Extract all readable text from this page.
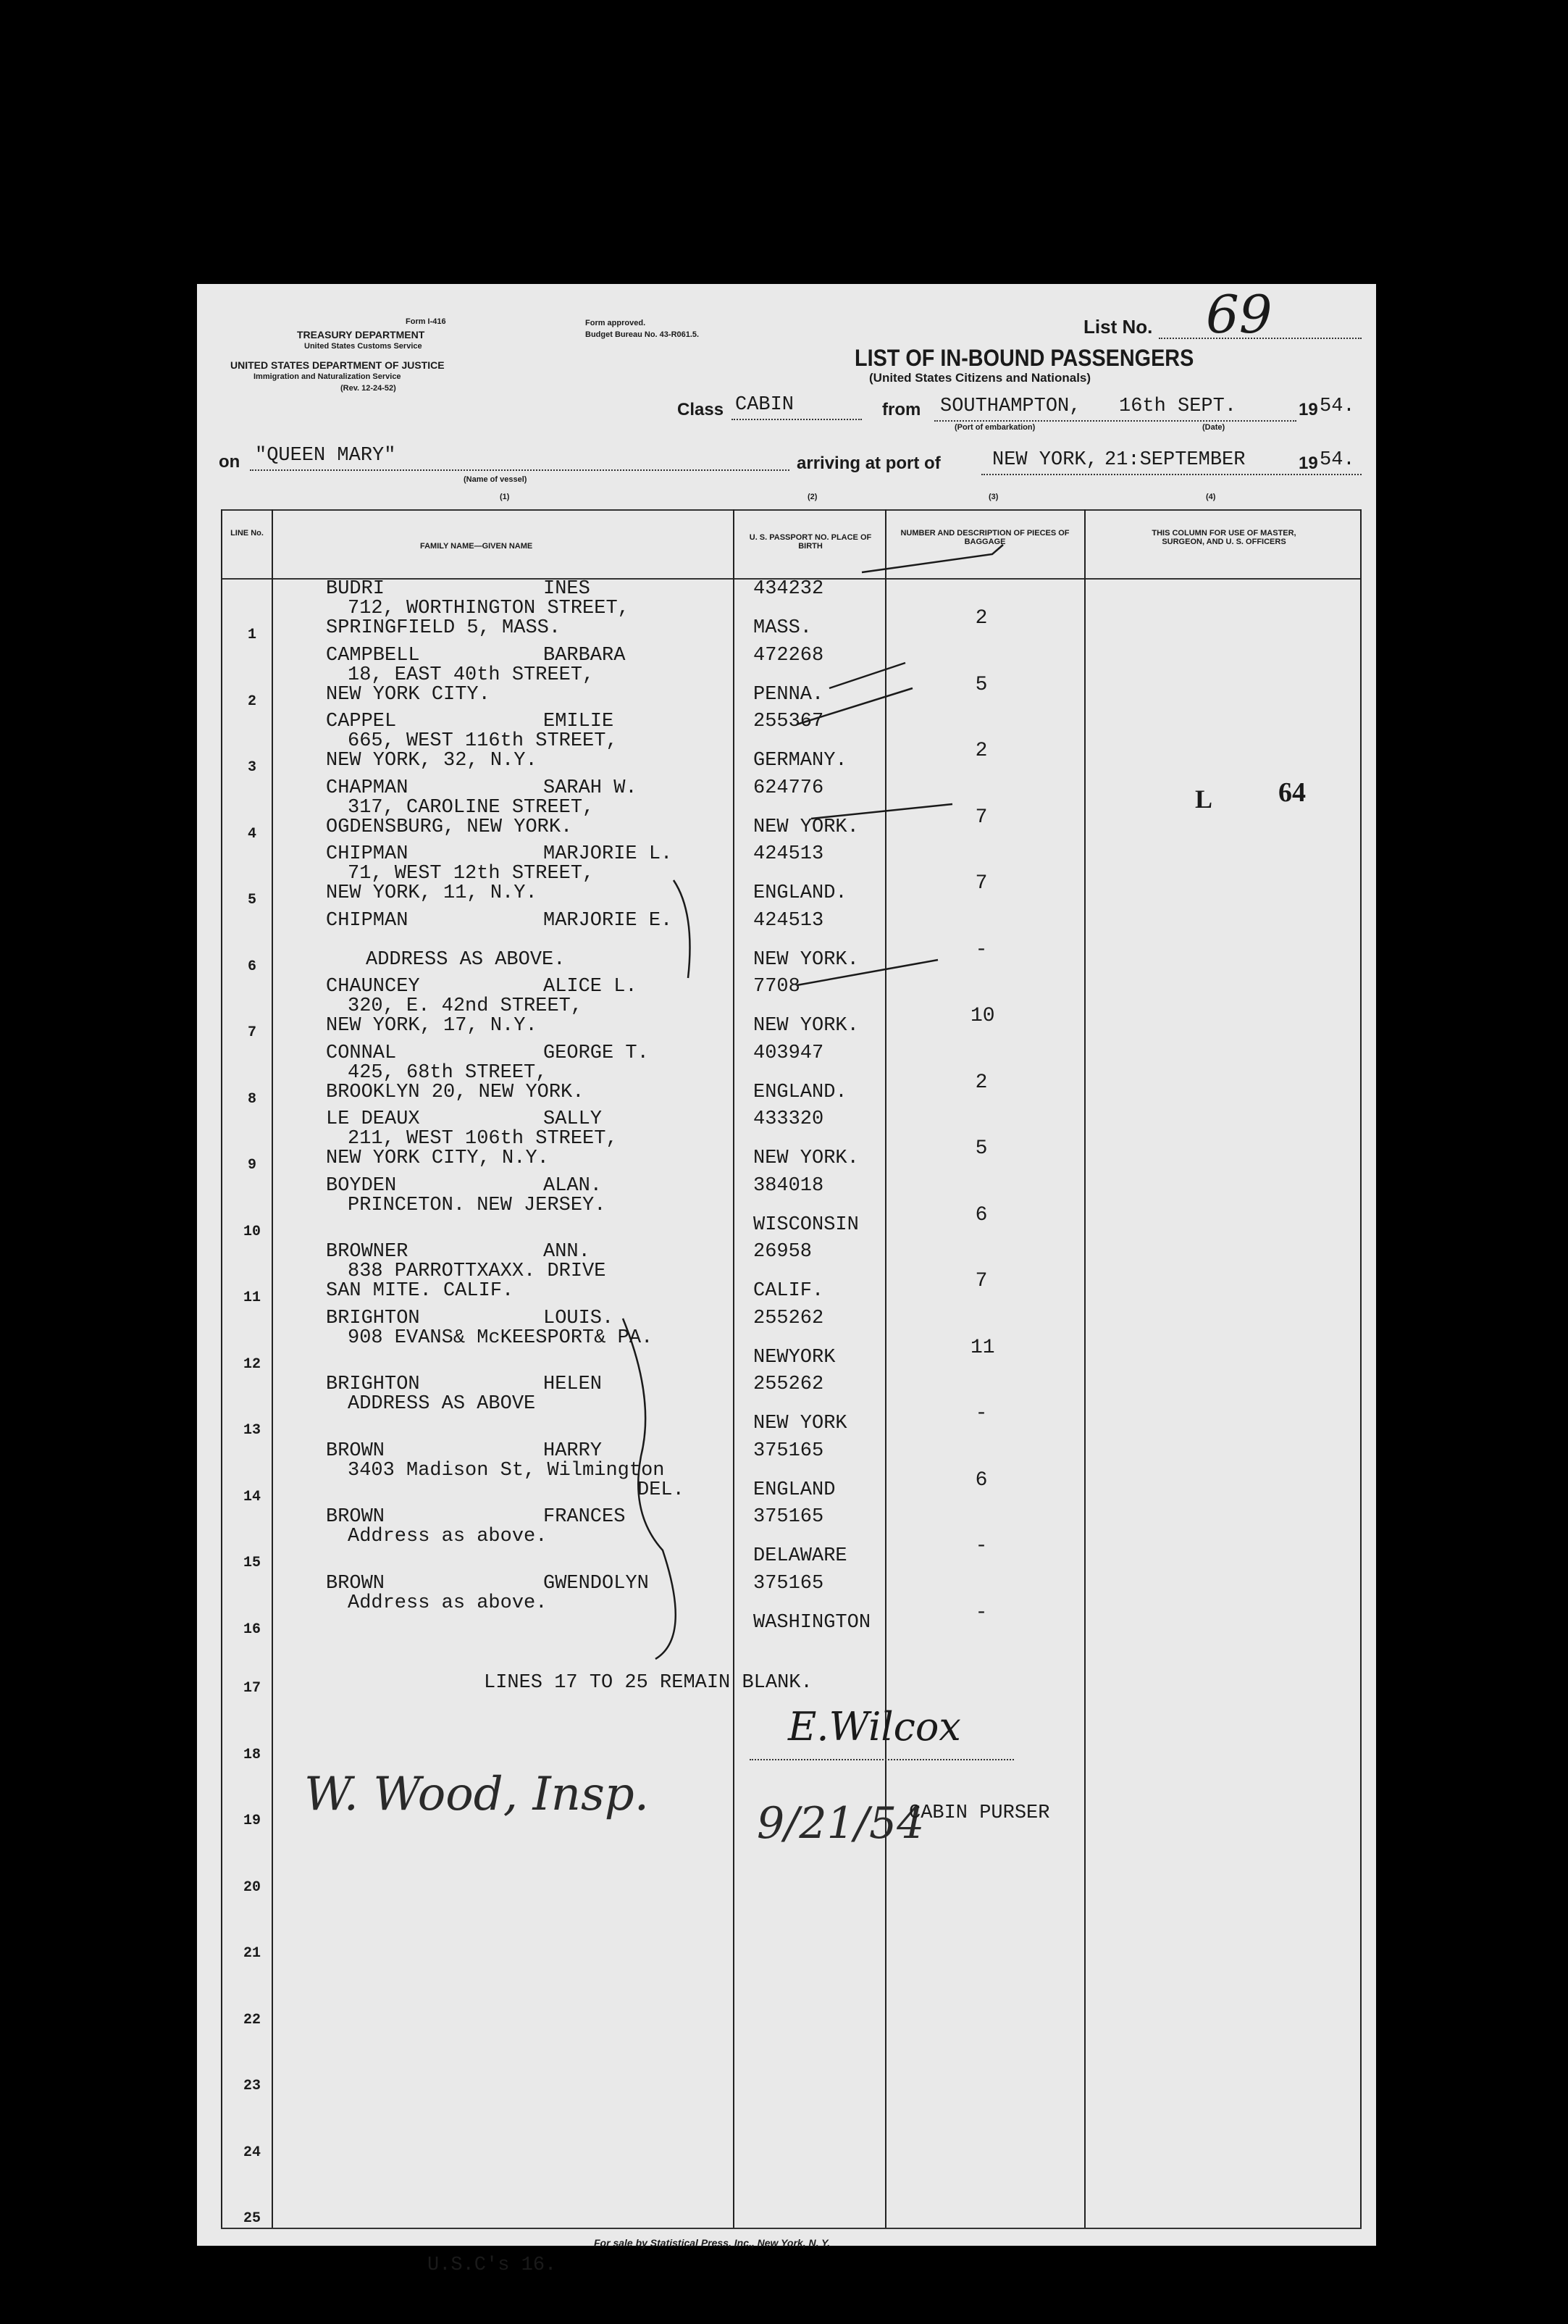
Form I-416
TREASURY DEPARTMENT
United States Customs Service
UNITED STATES DEPARTMENT OF JUSTICE
Immigration and Naturalization Service
(Rev. 12-24-52)
Form approved.
Budget Bureau No. 43-R061.5.	List No. 69
LIST OF IN-BOUND PASSENGERS
(United States Citizens and Nationals)
Class CABIN	from SOUTHAMPTON, 16th SEPT.	19 54.
(Port of embarkation)	(Date)
on "QUEEN MARY"
(Name of vessel)
arriving at port of	NEW YORK, 21:SEPTEMBER	19 54.
(1)	(2)	(3)	(4)
LINE No.
FAMILY NAME—GIVEN NAME
U. S. PASSPORT NO. PLACE OF BIRTH
NUMBER AND DESCRIPTION OF PIECES OF BAGGAGE
THIS COLUMN FOR USE OF MASTER, SURGEON, AND U. S. OFFICERS
1
BUDRI	INES
712, WORTHINGTON STREET,
SPRINGFIELD 5, MASS.
434232
MASS.	2
2
CAMPBELL	BARBARA
18, EAST 40th STREET,
NEW YORK CITY.
472268
PENNA.	5
3
CAPPEL	EMILIE
665, WEST 116th STREET,
NEW YORK, 32, N.Y.
255367
GERMANY.	2
4
CHAPMAN	SARAH W.
317, CAROLINE STREET,
OGDENSBURG, NEW YORK.
624776
NEW YORK.	7
5
CHIPMAN	MARJORIE L.
71, WEST 12th STREET,
NEW YORK, 11, N.Y.
424513
ENGLAND.	7
6
CHIPMAN	MARJORIE E.
ADDRESS AS ABOVE.
424513
NEW YORK.	-
7
CHAUNCEY	ALICE L.
320, E. 42nd STREET,
NEW YORK, 17, N.Y.
7708
NEW YORK.	10
8
CONNAL	GEORGE T.
425, 68th STREET,
BROOKLYN 20, NEW YORK.
403947
ENGLAND.	2
9
LE DEAUX	SALLY
211, WEST 106th STREET,
NEW YORK CITY, N.Y.
433320
NEW YORK.	5
10
BOYDEN	ALAN.
PRINCETON. NEW JERSEY.
384018
WISCONSIN	6
11
BROWNER	ANN.
838 PARROTTXAXX. DRIVE
SAN MITE. CALIF.
26958
CALIF.	7
12
BRIGHTON	LOUIS.
908 EVANS& McKEESPORT& PA.
255262
NEWYORK	11
13
BRIGHTON	HELEN
ADDRESS AS ABOVE
255262
NEW YORK	-
14
BROWN	HARRY
3403 Madison St, Wilmington
DEL.
375165
ENGLAND	6
15
BROWN	FRANCES
Address as above.
375165
DELAWARE	-
16
BROWN	GWENDOLYN
Address as above.
375165
WASHINGTON	-
17
18
19
20
21
22
23
24
25
LINES 17 TO 25 REMAIN BLANK.
E.Wilcox
W. Wood, Insp.
9/21/54
CABIN PURSER
L 64
For sale by Statistical Press, Inc., New York, N. Y.
U.S.C's 16.
